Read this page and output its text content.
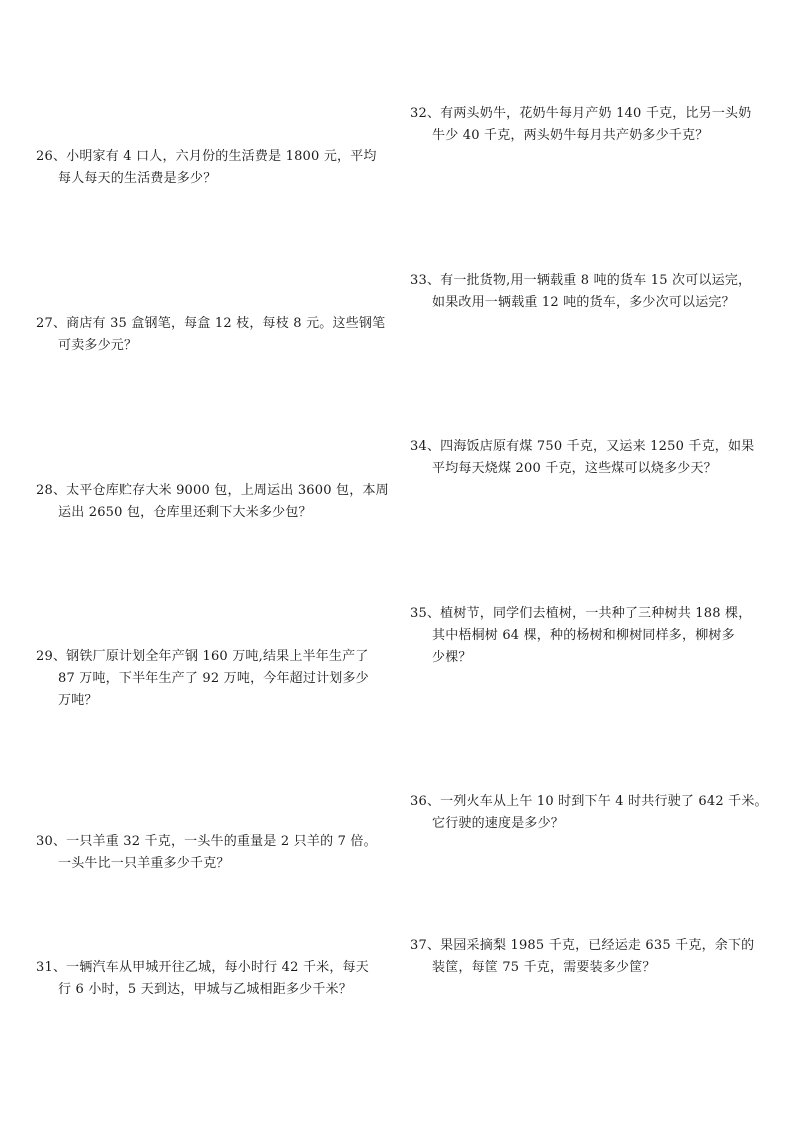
26、小明家有 4 口人，六月份的生活费是 1800 元，平均
每人每天的生活费是多少？
27、商店有 35 盒钢笔，每盒 12 枝，每枝 8 元。这些钢笔
可卖多少元？
28、太平仓库贮存大米 9000 包，上周运出 3600 包，本周
运出 2650 包，仓库里还剩下大米多少包？
29、钢铁厂原计划全年产钢 160 万吨,结果上半年生产了
87 万吨，下半年生产了 92 万吨，今年超过计划多少
万吨？
30、一只羊重 32 千克，一头牛的重量是 2 只羊的 7 倍。
一头牛比一只羊重多少千克？
31、一辆汽车从甲城开往乙城，每小时行 42 千米，每天
行 6 小时，5 天到达，甲城与乙城相距多少千米？
32、有两头奶牛，花奶牛每月产奶 140 千克，比另一头奶
牛少 40 千克，两头奶牛每月共产奶多少千克？
33、有一批货物,用一辆载重 8 吨的货车 15 次可以运完，
如果改用一辆载重 12 吨的货车，多少次可以运完？
34、四海饭店原有煤 750 千克，又运来 1250 千克，如果
平均每天烧煤 200 千克，这些煤可以烧多少天？
35、植树节，同学们去植树，一共种了三种树共 188 棵，
其中梧桐树 64 棵，种的杨树和柳树同样多，柳树多
少棵？
36、一列火车从上午 10 时到下午 4 时共行驶了 642 千米。
它行驶的速度是多少？
37、果园采摘梨 1985 千克，已经运走 635 千克，余下的
装筐，每筐 75 千克，需要装多少筐？
